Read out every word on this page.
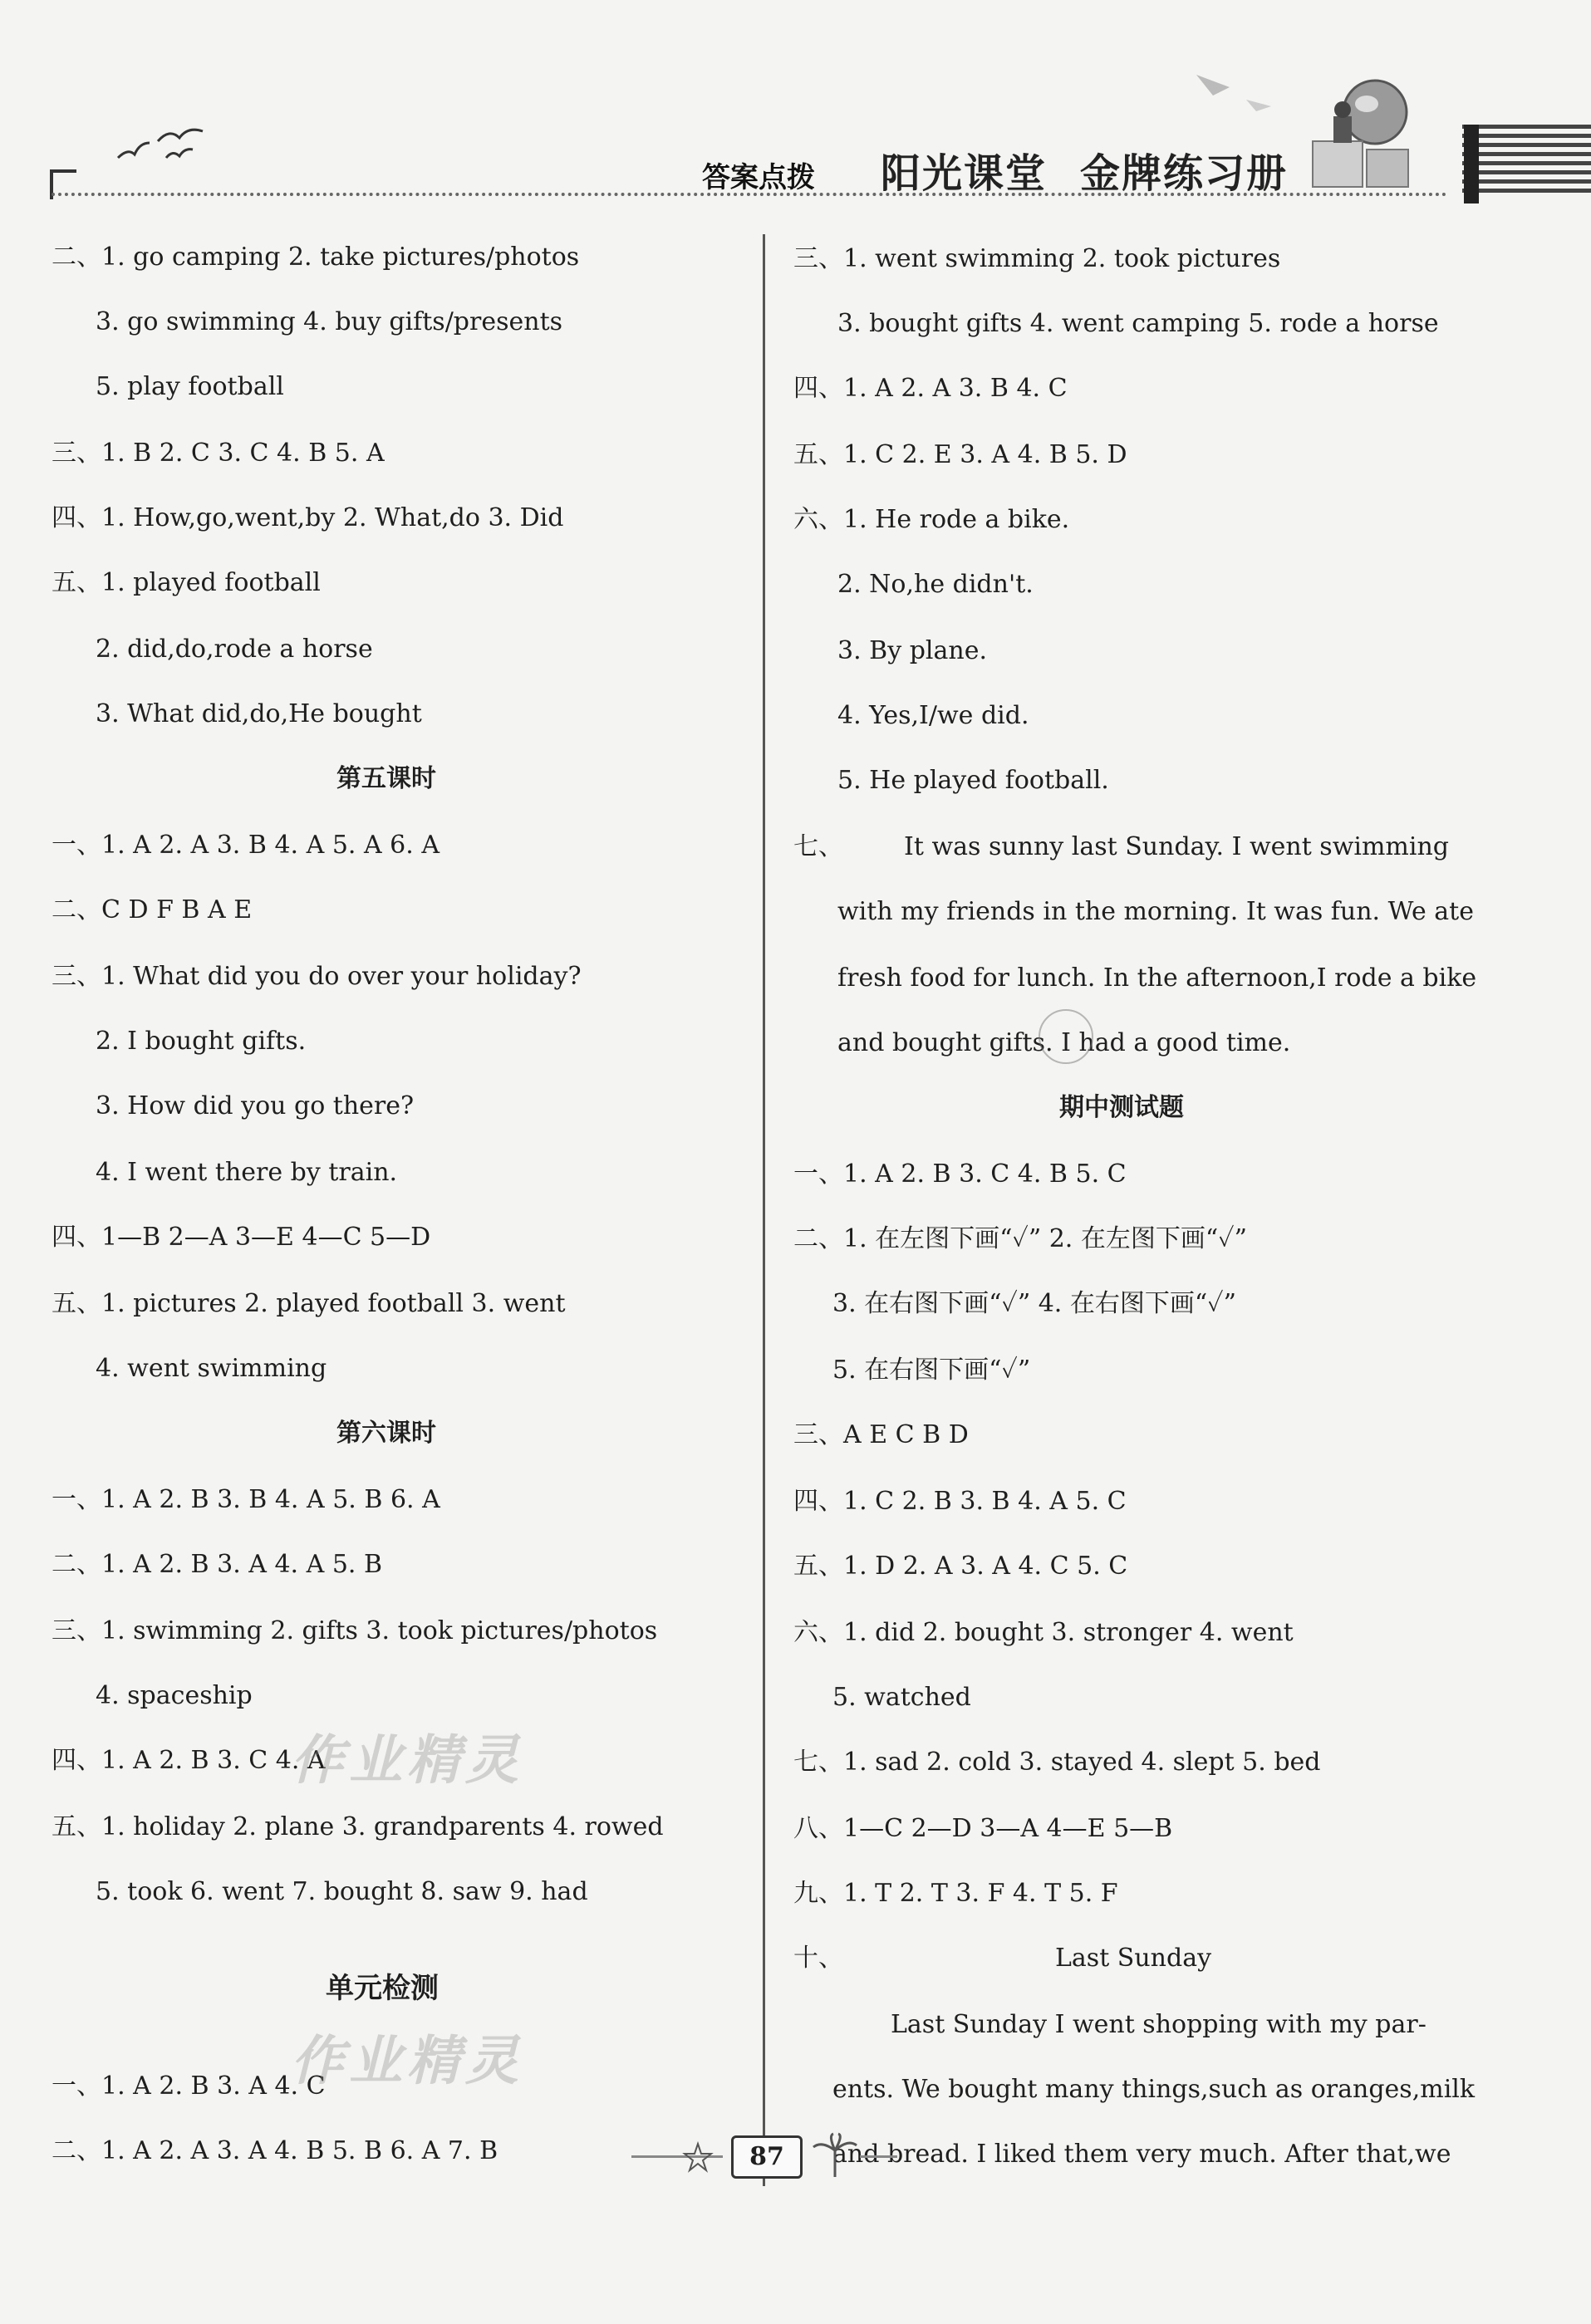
答案点拨 阳光课堂 金牌练习册
二、1. go camping 2. take pictures/photos
3. go swimming 4. buy gifts/presents
5. play football
三、1. B 2. C 3. C 4. B 5. A
四、1. How,go,went,by 2. What,do 3. Did
五、1. played football
2. did,do,rode a horse
3. What did,do,He bought
第五课时
一、1. A 2. A 3. B 4. A 5. A 6. A
二、C D F B A E
三、1. What did you do over your holiday?
2. I bought gifts.
3. How did you go there?
4. I went there by train.
四、1—B 2—A 3—E 4—C 5—D
五、1. pictures 2. played football 3. went
4. went swimming
第六课时
一、1. A 2. B 3. B 4. A 5. B 6. A
二、1. A 2. B 3. A 4. A 5. B
三、1. swimming 2. gifts 3. took pictures/photos
4. spaceship
四、1. A 2. B 3. C 4. A
五、1. holiday 2. plane 3. grandparents 4. rowed
5. took 6. went 7. bought 8. saw 9. had
单元检测
一、1. A 2. B 3. A 4. C
二、1. A 2. A 3. A 4. B 5. B 6. A 7. B
三、1. went swimming 2. took pictures
3. bought gifts 4. went camping 5. rode a horse
四、1. A 2. A 3. B 4. C
五、1. C 2. E 3. A 4. B 5. D
六、1. He rode a bike.
2. No,he didn't.
3. By plane.
4. Yes,I/we did.
5. He played football.
七、 It was sunny last Sunday. I went swimming
with my friends in the morning. It was fun. We ate
fresh food for lunch. In the afternoon,I rode a bike
and bought gifts. I had a good time.
期中测试题
一、1. A 2. B 3. C 4. B 5. C
二、1. 在左图下画“✓” 2. 在左图下画“✓”
3. 在右图下画“✓” 4. 在右图下画“✓”
5. 在右图下画“✓”
三、A E C B D
四、1. C 2. B 3. B 4. A 5. C
五、1. D 2. A 3. A 4. C 5. C
六、1. did 2. bought 3. stronger 4. went
5. watched
七、1. sad 2. cold 3. stayed 4. slept 5. bed
八、1—C 2—D 3—A 4—E 5—B
九、1. T 2. T 3. F 4. T 5. F
十、	Last Sunday
Last Sunday I went shopping with my par-
ents. We bought many things,such as oranges,milk
and bread. I liked them very much. After that,we
作业精灵
作业精灵
87
